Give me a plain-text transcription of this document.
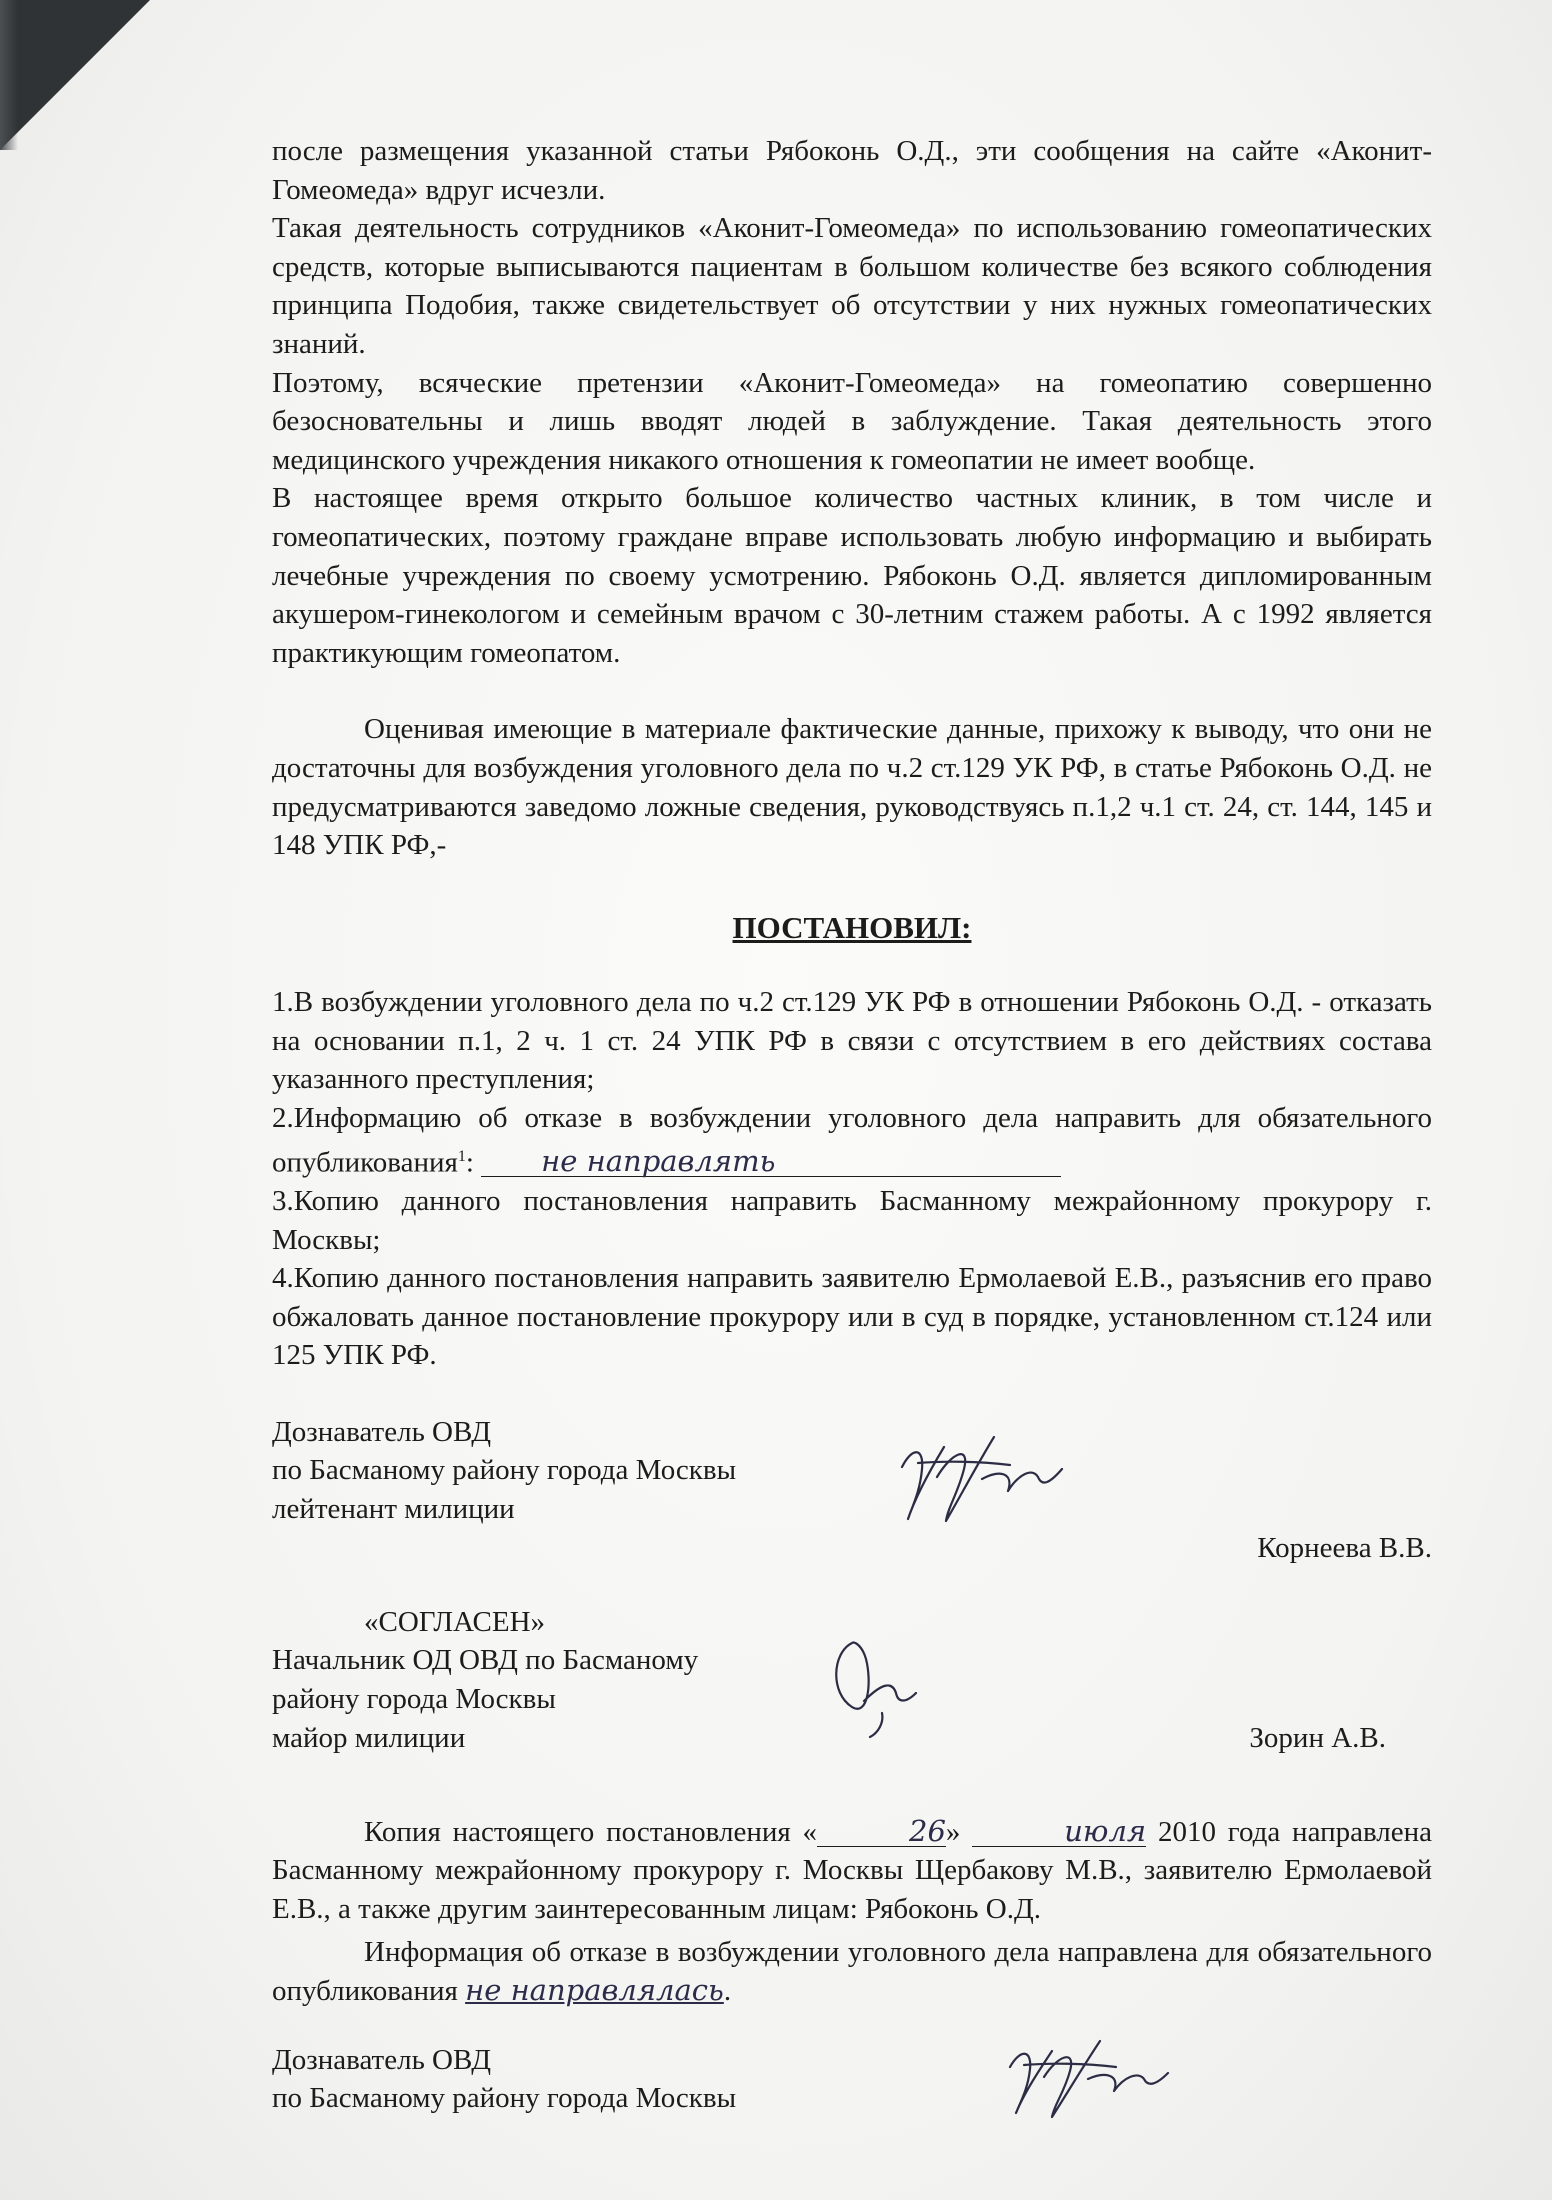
после размещения указанной статьи Рябоконь О.Д., эти сообщения на сайте «Аконит-Гомеомеда» вдруг исчезли.

Такая деятельность сотрудников «Аконит-Гомеомеда» по использованию гомеопатических средств, которые выписываются пациентам в большом количестве без всякого соблюдения принципа Подобия, также свидетельствует об отсутствии у них нужных гомеопатических знаний.

Поэтому, всяческие претензии «Аконит-Гомеомеда» на гомеопатию совершенно безосновательны и лишь вводят людей в заблуждение. Такая деятельность этого медицинского учреждения никакого отношения к гомеопатии не имеет вообще.

В настоящее время открыто большое количество частных клиник, в том числе и гомеопатических, поэтому граждане вправе использовать любую информацию и выбирать лечебные учреждения по своему усмотрению. Рябоконь О.Д. является дипломированным акушером-гинекологом и семейным врачом с 30-летним стажем работы. А с 1992 является практикующим гомеопатом.

Оценивая имеющие в материале фактические данные, прихожу к выводу, что они не достаточны для возбуждения уголовного дела по ч.2 ст.129 УК РФ, в статье Рябоконь О.Д. не предусматриваются заведомо ложные сведения, руководствуясь п.1,2 ч.1 ст. 24, ст. 144, 145 и 148 УПК РФ,-

ПОСТАНОВИЛ:

1.В возбуждении уголовного дела по ч.2 ст.129 УК РФ в отношении Рябоконь О.Д. - отказать на основании п.1, 2 ч. 1 ст. 24 УПК РФ в связи с отсутствием в его действиях состава указанного преступления;

2.Информацию об отказе в возбуждении уголовного дела направить для обязательного опубликования$^1$: не направлять

3.Копию данного постановления направить Басманному межрайонному прокурору г. Москвы;

4.Копию данного постановления направить заявителю Ермолаевой Е.В., разъяснив его право обжаловать данное постановление прокурору или в суд в порядке, установленном ст.124 или 125 УПК РФ.

Дознаватель ОВД

по Басманому району города Москвы

лейтенант милиции

Корнеева В.В.

«СОГЛАСЕН»

Начальник ОД ОВД по Басманому

району города Москвы

майор милиции	Зорин А.В.

Копия настоящего постановления «	26»	июля 2010 года направлена Басманному межрайонному прокурору г. Москвы Щербакову М.В., заявителю Ермолаевой Е.В., а также другим заинтересованным лицам: Рябоконь О.Д.

Информация об отказе в возбуждении уголовного дела направлена для обязательного опубликования не направлялась.

Дознаватель ОВД

по Басманому району города Москвы
